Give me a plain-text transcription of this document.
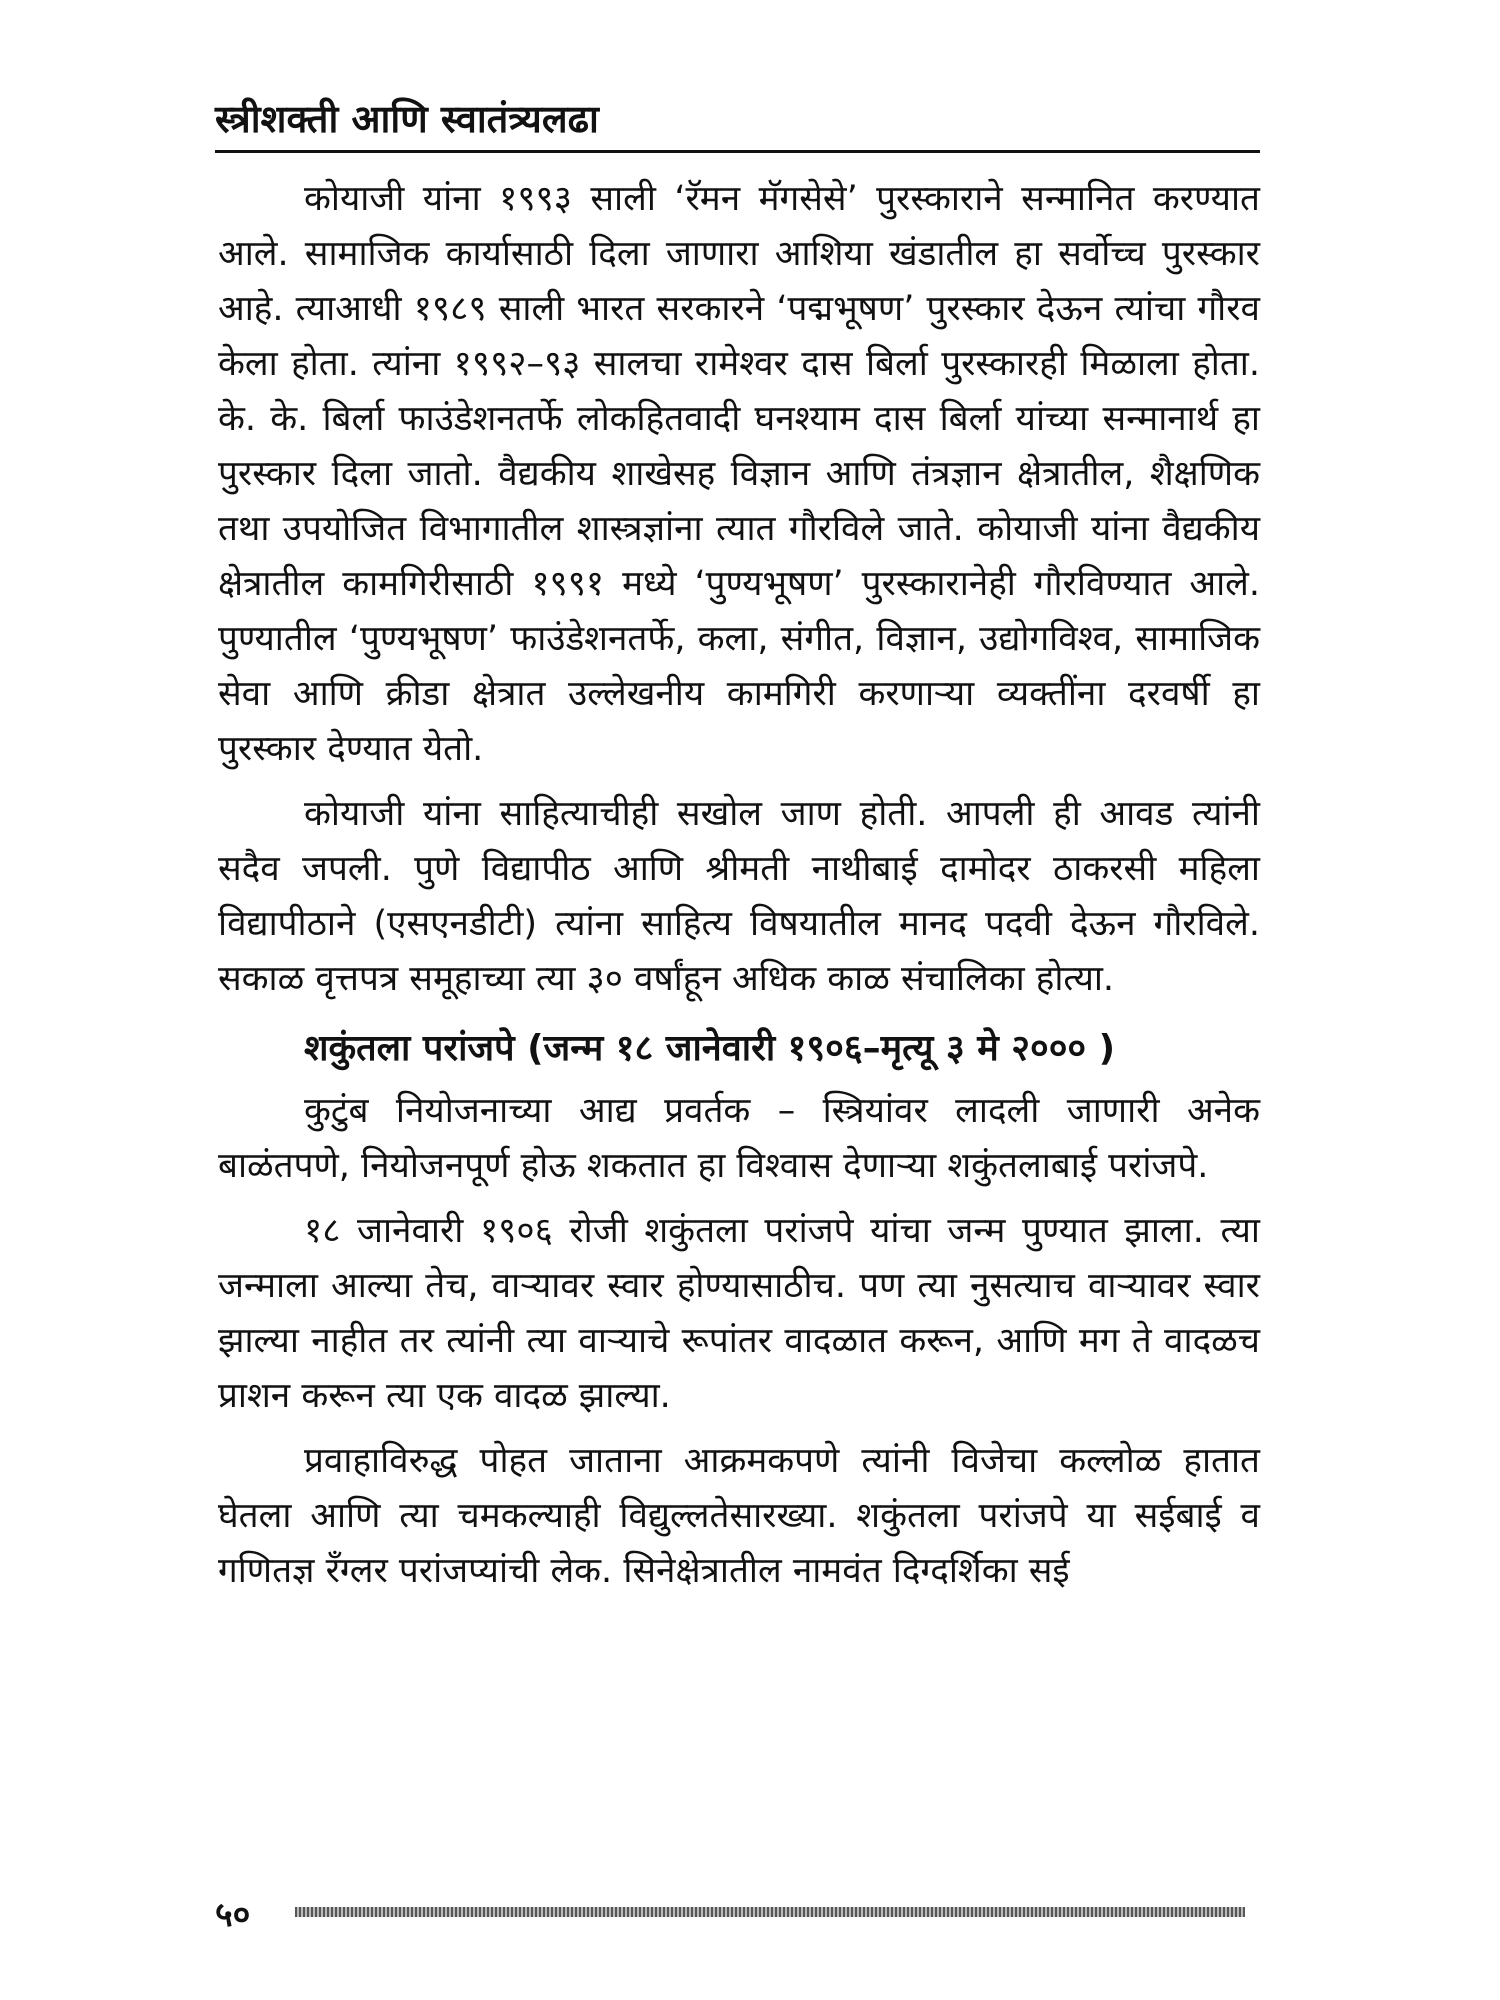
स्त्रीशक्ती आणि स्वातंत्र्यलढा

कोयाजी यांना १९९३ साली ‘रॅमन मॅगसेसे’ पुरस्काराने सन्मानित करण्यात आले. सामाजिक कार्यासाठी दिला जाणारा आशिया खंडातील हा सर्वोच्च पुरस्कार आहे. त्याआधी १९८९ साली भारत सरकारने ‘पद्मभूषण’ पुरस्कार देऊन त्यांचा गौरव केला होता. त्यांना १९९२–९३ सालचा रामेश्वर दास बिर्ला पुरस्कारही मिळाला होता. के. के. बिर्ला फाउंडेशनतर्फे लोकहितवादी घनश्याम दास बिर्ला यांच्या सन्मानार्थ हा पुरस्कार दिला जातो. वैद्यकीय शाखेसह विज्ञान आणि तंत्रज्ञान क्षेत्रातील, शैक्षणिक तथा उपयोजित विभागातील शास्त्रज्ञांना त्यात गौरविले जाते. कोयाजी यांना वैद्यकीय क्षेत्रातील कामगिरीसाठी १९९१ मध्ये ‘पुण्यभूषण’ पुरस्कारानेही गौरविण्यात आले. पुण्यातील ‘पुण्यभूषण’ फाउंडेशनतर्फे, कला, संगीत, विज्ञान, उद्योगविश्व, सामाजिक सेवा आणि क्रीडा क्षेत्रात उल्लेखनीय कामगिरी करणाऱ्या व्यक्तींना दरवर्षी हा पुरस्कार देण्यात येतो.

कोयाजी यांना साहित्याचीही सखोल जाण होती. आपली ही आवड त्यांनी सदैव जपली. पुणे विद्यापीठ आणि श्रीमती नाथीबाई दामोदर ठाकरसी महिला विद्यापीठाने (एसएनडीटी) त्यांना साहित्य विषयातील मानद पदवी देऊन गौरविले. सकाळ वृत्तपत्र समूहाच्या त्या ३० वर्षांहून अधिक काळ संचालिका होत्या.

शकुंतला परांजपे (जन्म १८ जानेवारी १९०६–मृत्यू ३ मे २००० )

कुटुंब नियोजनाच्या आद्य प्रवर्तक – स्त्रियांवर लादली जाणारी अनेक बाळंतपणे, नियोजनपूर्ण होऊ शकतात हा विश्वास देणाऱ्या शकुंतलाबाई परांजपे.

१८ जानेवारी १९०६ रोजी शकुंतला परांजपे यांचा जन्म पुण्यात झाला. त्या जन्माला आल्या तेच, वाऱ्यावर स्वार होण्यासाठीच. पण त्या नुसत्याच वाऱ्यावर स्वार झाल्या नाहीत तर त्यांनी त्या वाऱ्याचे रूपांतर वादळात करून, आणि मग ते वादळच प्राशन करून त्या एक वादळ झाल्या.

प्रवाहाविरुद्ध पोहत जाताना आक्रमकपणे त्यांनी विजेचा कल्लोळ हातात घेतला आणि त्या चमकल्याही विद्युल्लतेसारख्या. शकुंतला परांजपे या सईबाई व गणितज्ञ रँग्लर परांजप्यांची लेक. सिनेक्षेत्रातील नामवंत दिग्दर्शिका सई

५०
